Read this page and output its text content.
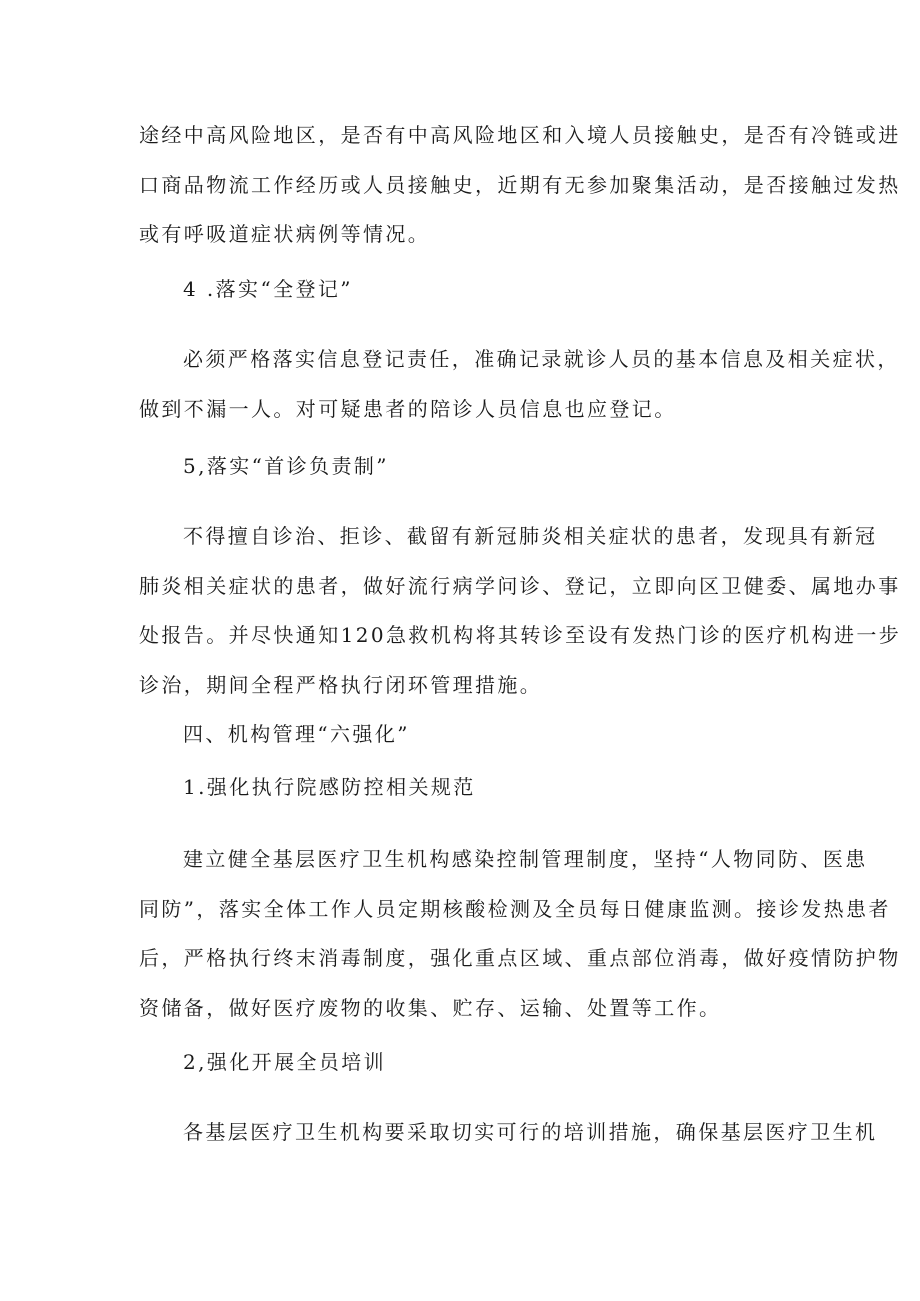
途经中高风险地区，是否有中高风险地区和入境人员接触史，是否有冷链或进
口商品物流工作经历或人员接触史，近期有无参加聚集活动，是否接触过发热
或有呼吸道症状病例等情况。
4 .落实“全登记”
必须严格落实信息登记责任，准确记录就诊人员的基本信息及相关症状，
做到不漏一人。对可疑患者的陪诊人员信息也应登记。
5,落实“首诊负责制”
不得擅自诊治、拒诊、截留有新冠肺炎相关症状的患者，发现具有新冠
肺炎相关症状的患者，做好流行病学问诊、登记，立即向区卫健委、属地办事
处报告。并尽快通知120急救机构将其转诊至设有发热门诊的医疗机构进一步
诊治，期间全程严格执行闭环管理措施。
四、机构管理“六强化”
1.强化执行院感防控相关规范
建立健全基层医疗卫生机构感染控制管理制度，坚持“人物同防、医患
同防”，落实全体工作人员定期核酸检测及全员每日健康监测。接诊发热患者
后，严格执行终末消毒制度，强化重点区域、重点部位消毒，做好疫情防护物
资储备，做好医疗废物的收集、贮存、运输、处置等工作。
2,强化开展全员培训
各基层医疗卫生机构要采取切实可行的培训措施，确保基层医疗卫生机
